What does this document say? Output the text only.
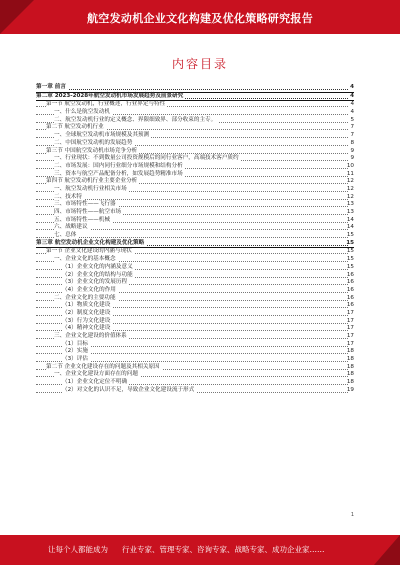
航空发动机企业文化构建及优化策略研究报告
内容目录
第一章 前言	4
第二章 2023-2028年航空发动机市场发展趋势及前景研究	4
第一节 航空发动机，行业概述，行业界定与特性	4
一、什么是航空发动机	4
二、航空发动机行业的定义概念、界限细致界、部分收束的主专。	5
第二节 航空发动机行业	7
一、全球航空发动机市场规模及其预测	7
二、中国航空发动机的发展趋势	8
第三节 中国航空发动机市场竞争分析	9
一、行业现状：不到数量公司投资规模后的同行业客户，高端技术客户质约	9
二、市场发展：国内同行业细分市场规模和结构分析	10
三、资本与航空产品配备分析，如发展趋势精准市场	11
第四节 航空发动机行业主要企业分析	12
一、航空发动机行业相关市场	12
二、技术特	12
三、市场特性——飞行器	13
四、市场特性——航空市场	13
五、市场特性——机械	14
六、战略建议	14
七、总体	15
第三章 航空发动机企业文化构建及优化策略	15
第一节 企业文化建设的内涵与现状	15
一、企业文化的基本概念	15
（1）企业文化的内涵及意义	15
（2）企业文化的结构与功能	16
（3）企业文化的发展历程	16
（4）企业文化的作用	16
二、企业文化的主要功能	16
（1）物质文化建设	16
（2）制度文化建设	17
（3）行为文化建设	17
（4）精神文化建设	17
三、企业文化建设的价值体系	17
（1）目标	17
（2）实施	18
（3）评估	18
第二节 企业文化建设存在的问题及其相关原因	18
一、企业文化建设方面存在的问题	18
（1）企业文化定位不明确	18
（2）对文化的认识不足，导致企业文化建设流于形式	19
1
让每个人都能成为 行业专家、管理专家、咨询专家、战略专家、成功企业家……
